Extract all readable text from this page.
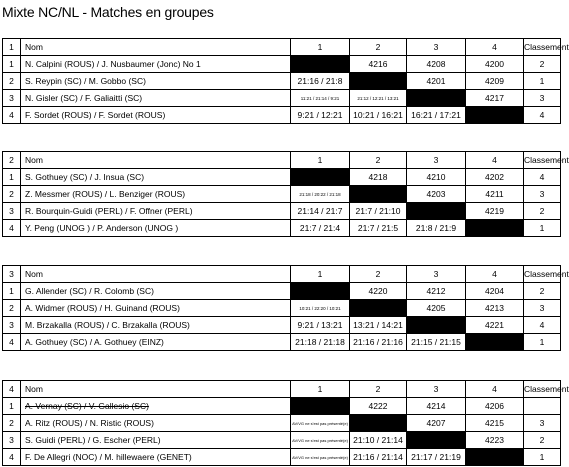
Mixte NC/NL - Matches en groupes
1	Nom	1	2	3	4	Classement
1	N. Calpini (ROUS) / J. Nusbaumer (Jonc) No 1		4216	4208	4200	2
2	S. Reypin (SC) / M. Gobbo (SC)	21:16 / 21:8		4201	4209	1
3	N. Gisler (SC) / F. Galiaitti (SC)	11:21 / 21:14 / 9:21	21:12 / 12:21 / 13:21		4217	3
4	F. Sordet (ROUS) / F. Sordet (ROUS)	9:21 / 12:21	10:21 / 16:21	16:21 / 17:21		4
2	Nom	1	2	3	4	Classement
1	S. Gothuey (SC) / J. Insua (SC)		4218	4210	4202	4
2	Z. Messmer (ROUS) / L. Benziger (ROUS)	21:18 / 20:22 / 21:18		4203	4211	3
3	R. Bourquin-Guidi (PERL) / F. Offner (PERL)	21:14 / 21:7	21:7 / 21:10		4219	2
4	Y. Peng (UNOG ) / P. Anderson (UNOG )	21:7 / 21:4	21:7 / 21:5	21:8 / 21:9		1
3	Nom	1	2	3	4	Classement
1	G. Allender (SC) / R. Colomb (SC)		4220	4212	4204	2
2	A. Widmer (ROUS) / H. Guinand (ROUS)	10:21 / 22:20 / 10:21		4205	4213	3
3	M. Brzakalla (ROUS) / C. Brzakalla (ROUS)	9:21 / 13:21	13:21 / 14:21		4221	4
4	A. Gothuey (SC) / A. Gothuey (EINZ)	21:18 / 21:18	21:16 / 21:16	21:15 / 21:15		1
4	Nom	1	2	3	4	Classement
1	A. Vernay (SC) / V. Gallesio (SC)		4222	4214	4206	
2	A. Ritz (ROUS) / N. Ristic (ROUS)	AV/VG ne s'est pas présenté(e)		4207	4215	3
3	S. Guidi (PERL) / G. Escher (PERL)	AV/VG ne s'est pas présenté(e)	21:10 / 21:14		4223	2
4	F. De Allegri (NOC) / M. hillewaere (GENET)	AV/VG ne s'est pas présenté(e)	21:16 / 21:14	21:17 / 21:19		1
